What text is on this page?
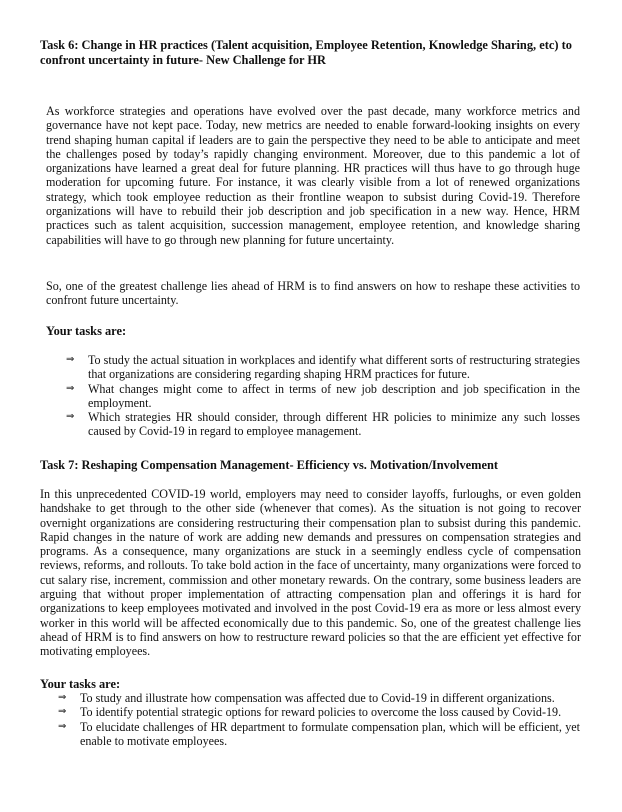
Task 6: Change in HR practices (Talent acquisition, Employee Retention, Knowledge Sharing, etc) to confront uncertainty in future- New Challenge for HR

As workforce strategies and operations have evolved over the past decade, many workforce metrics and governance have not kept pace. Today, new metrics are needed to enable forward-looking insights on every trend shaping human capital if leaders are to gain the perspective they need to be able to anticipate and meet the challenges posed by today’s rapidly changing environment. Moreover, due to this pandemic a lot of organizations have learned a great deal for future planning. HR practices will thus have to go through huge moderation for upcoming future. For instance, it was clearly visible from a lot of renewed organizations strategy, which took employee reduction as their frontline weapon to subsist during Covid-19. Therefore organizations will have to rebuild their job description and job specification in a new way. Hence, HRM practices such as talent acquisition, succession management, employee retention, and knowledge sharing capabilities will have to go through new planning for future uncertainty.

So, one of the greatest challenge lies ahead of HRM is to find answers on how to reshape these activities to confront future uncertainty.

Your tasks are:

⇒ To study the actual situation in workplaces and identify what different sorts of restructuring strategies that organizations are considering regarding shaping HRM practices for future.
⇒ What changes might come to affect in terms of new job description and job specification in the employment.
⇒ Which strategies HR should consider, through different HR policies to minimize any such losses caused by Covid-19 in regard to employee management.

Task 7: Reshaping Compensation Management- Efficiency vs. Motivation/Involvement

In this unprecedented COVID-19 world, employers may need to consider layoffs, furloughs, or even golden handshake to get through to the other side (whenever that comes). As the situation is not going to recover overnight organizations are considering restructuring their compensation plan to subsist during this pandemic. Rapid changes in the nature of work are adding new demands and pressures on compensation strategies and programs. As a consequence, many organizations are stuck in a seemingly endless cycle of compensation reviews, reforms, and rollouts. To take bold action in the face of uncertainty, many organizations were forced to cut salary rise, increment, commission and other monetary rewards. On the contrary, some business leaders are arguing that without proper implementation of attracting compensation plan and offerings it is hard for organizations to keep employees motivated and involved in the post Covid-19 era as more or less almost every worker in this world will be affected economically due to this pandemic. So, one of the greatest challenge lies ahead of HRM is to find answers on how to restructure reward policies so that the are efficient yet effective for motivating employees.

Your tasks are:

⇒ To study and illustrate how compensation was affected due to Covid-19 in different organizations.
⇒ To identify potential strategic options for reward policies to overcome the loss caused by Covid-19.
⇒ To elucidate challenges of HR department to formulate compensation plan, which will be efficient, yet enable to motivate employees.
